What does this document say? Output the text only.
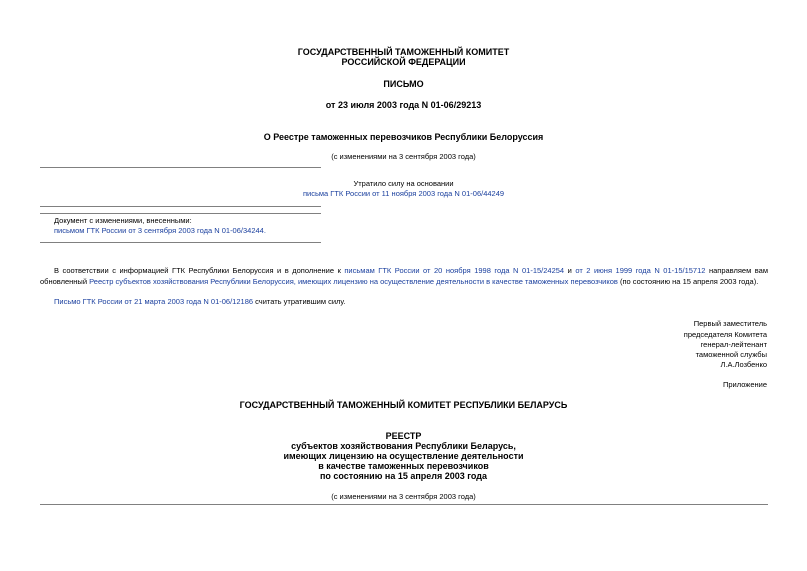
ГОСУДАРСТВЕННЫЙ ТАМОЖЕННЫЙ КОМИТЕТ
РОССИЙСКОЙ ФЕДЕРАЦИИ
ПИСЬМО
от 23 июля 2003 года N 01-06/29213
О Реестре таможенных перевозчиков Республики Белоруссия
(с изменениями на 3 сентября 2003 года)
Утратило силу на основании
письма ГТК России от 11 ноября 2003 года N 01-06/44249
Документ с изменениями, внесенными:
письмом ГТК России от 3 сентября 2003 года N 01-06/34244.
В соответствии с информацией ГТК Республики Белоруссия и в дополнение к письмам ГТК России от 20 ноября 1998 года N 01-15/24254 и от 2 июня 1999 года N 01-15/15712 направляем вам обновленный Реестр субъектов хозяйствования Республики Белоруссия, имеющих лицензию на осуществление деятельности в качестве таможенных перевозчиков (по состоянию на 15 апреля 2003 года).
Письмо ГТК России от 21 марта 2003 года N 01-06/12186 считать утратившим силу.
Первый заместитель
председателя Комитета
генерал-лейтенант
таможенной службы
Л.А.Лозбенко
Приложение
ГОСУДАРСТВЕННЫЙ ТАМОЖЕННЫЙ КОМИТЕТ РЕСПУБЛИКИ БЕЛАРУСЬ
РЕЕСТР
субъектов хозяйствования Республики Беларусь,
имеющих лицензию на осуществление деятельности
в качестве таможенных перевозчиков
по состоянию на 15 апреля 2003 года
(с изменениями на 3 сентября 2003 года)
